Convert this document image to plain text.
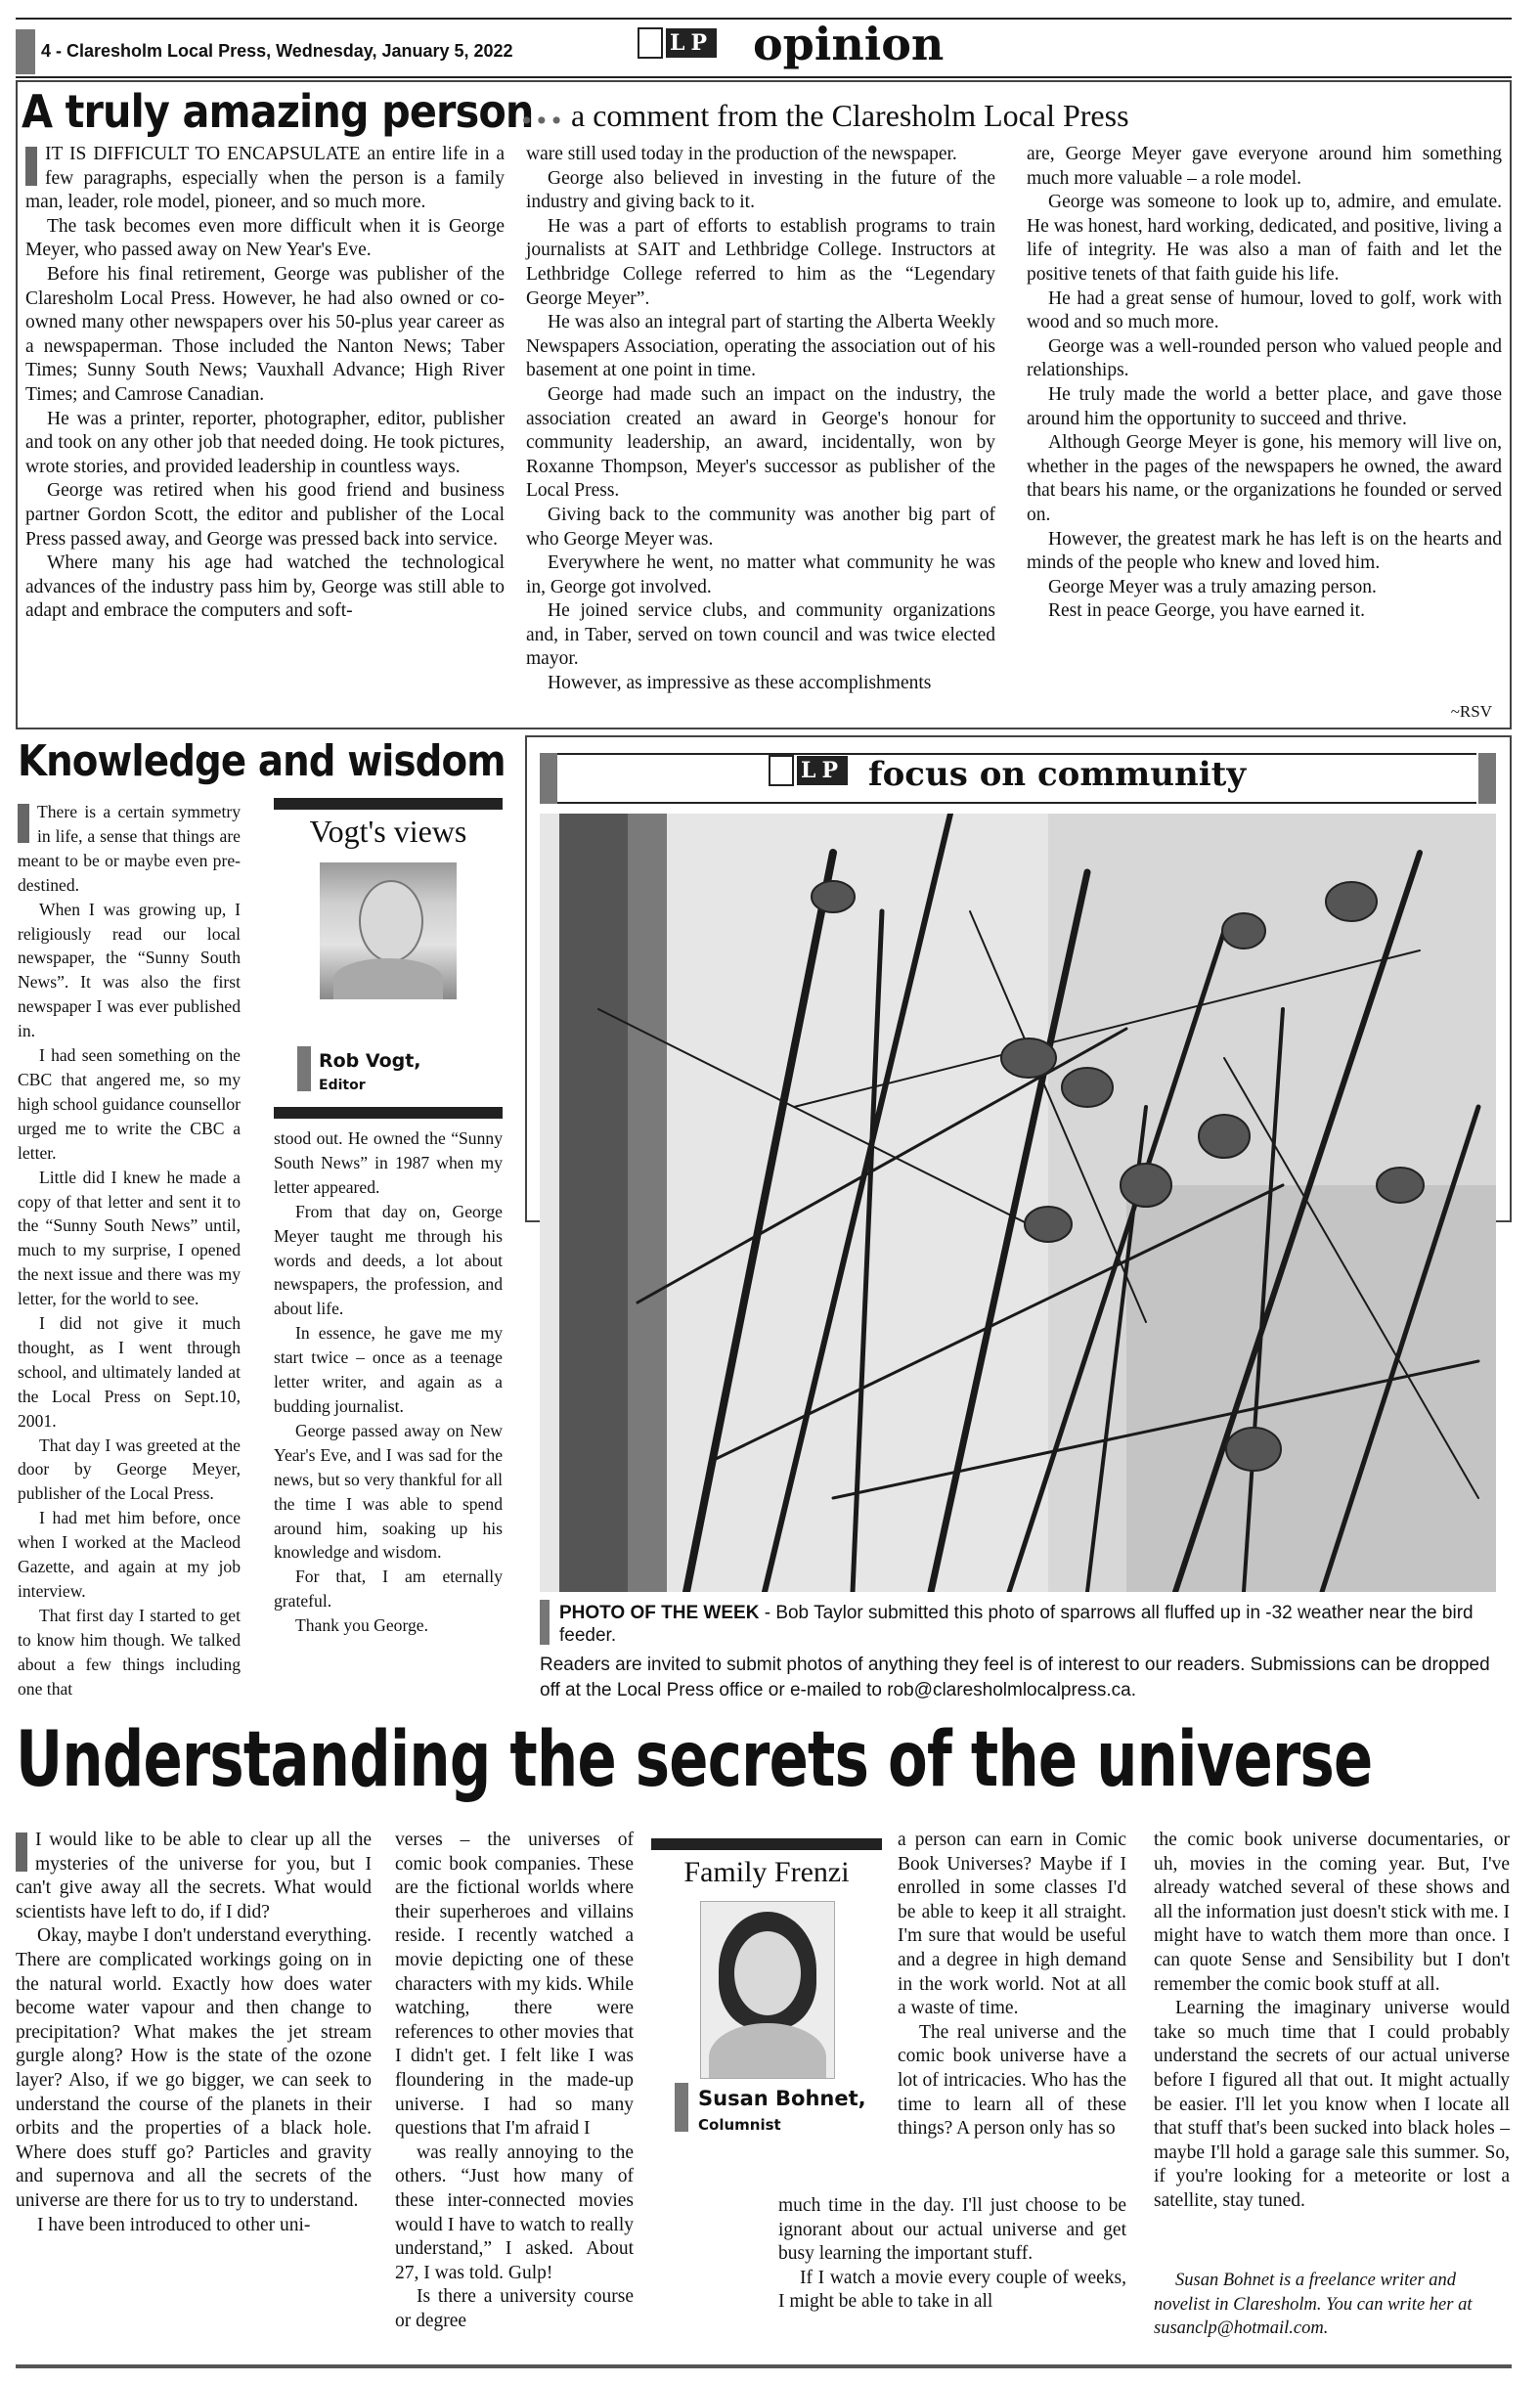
4 - Claresholm Local Press, Wednesday, January 5, 2022	LP opinion
A truly amazing person
... a comment from the Claresholm Local Press

IT IS DIFFICULT TO ENCAPSULATE an entire life in a few paragraphs, especially when the person is a family man, leader, role model, pioneer, and so much more.

The task becomes even more difficult when it is George Meyer, who passed away on New Year's Eve.

Before his final retirement, George was publisher of the Claresholm Local Press. However, he had also owned or co-owned many other newspapers over his 50-plus year career as a newspaperman. Those included the Nanton News; Taber Times; Sunny South News; Vauxhall Advance; High River Times; and Camrose Canadian.

He was a printer, reporter, photographer, editor, publisher and took on any other job that needed doing. He took pictures, wrote stories, and provided leadership in countless ways.

George was retired when his good friend and business partner Gordon Scott, the editor and publisher of the Local Press passed away, and George was pressed back into service.

Where many his age had watched the technological advances of the industry pass him by, George was still able to adapt and embrace the computers and soft-

ware still used today in the production of the newspaper.

George also believed in investing in the future of the industry and giving back to it.

He was a part of efforts to establish programs to train journalists at SAIT and Lethbridge College. Instructors at Lethbridge College referred to him as the “Legendary George Meyer”.

He was also an integral part of starting the Alberta Weekly Newspapers Association, operating the association out of his basement at one point in time.

George had made such an impact on the industry, the association created an award in George's honour for community leadership, an award, incidentally, won by Roxanne Thompson, Meyer's successor as publisher of the Local Press.

Giving back to the community was another big part of who George Meyer was.

Everywhere he went, no matter what community he was in, George got involved.

He joined service clubs, and community organizations and, in Taber, served on town council and was twice elected mayor.

However, as impressive as these accomplishments

are, George Meyer gave everyone around him something much more valuable – a role model.

George was someone to look up to, admire, and emulate. He was honest, hard working, dedicated, and positive, living a life of integrity. He was also a man of faith and let the positive tenets of that faith guide his life.

He had a great sense of humour, loved to golf, work with wood and so much more.

George was a well-rounded person who valued people and relationships.

He truly made the world a better place, and gave those around him the opportunity to succeed and thrive.

Although George Meyer is gone, his memory will live on, whether in the pages of the newspapers he owned, the award that bears his name, or the organizations he founded or served on.

However, the greatest mark he has left is on the hearts and minds of the people who knew and loved him.

George Meyer was a truly amazing person.

Rest in peace George, you have earned it.

~RSV
Knowledge and wisdom

There is a certain symmetry in life, a sense that things are meant to be or maybe even pre-destined.

When I was growing up, I religiously read our local newspaper, the “Sunny South News”. It was also the first newspaper I was ever published in.

I had seen something on the CBC that angered me, so my high school guidance counsellor urged me to write the CBC a letter.

Little did I knew he made a copy of that letter and sent it to the “Sunny South News” until, much to my surprise, I opened the next issue and there was my letter, for the world to see.

I did not give it much thought, as I went through school, and ultimately landed at the Local Press on Sept.10, 2001.

That day I was greeted at the door by George Meyer, publisher of the Local Press.

I had met him before, once when I worked at the Macleod Gazette, and again at my job interview.

That first day I started to get to know him though. We talked about a few things including one that

Vogt's views
Rob Vogt,
Editor

stood out. He owned the “Sunny South News” in 1987 when my letter appeared.

From that day on, George Meyer taught me through his words and deeds, a lot about newspapers, the profession, and about life.

In essence, he gave me my start twice – once as a teenage letter writer, and again as a budding journalist.

George passed away on New Year's Eve, and I was sad for the news, but so very thankful for all the time I was able to spend around him, soaking up his knowledge and wisdom.

For that, I am eternally grateful.

Thank you George.

LP focus on community
PHOTO OF THE WEEK - Bob Taylor submitted this photo of sparrows all fluffed up in -32 weather near the bird feeder.
Readers are invited to submit photos of anything they feel is of interest to our readers. Submissions can be dropped off at the Local Press office or e-mailed to rob@claresholmlocalpress.ca.
Understanding the secrets of the universe

I would like to be able to clear up all the mysteries of the universe for you, but I can't give away all the secrets. What would scientists have left to do, if I did?

Okay, maybe I don't understand everything. There are complicated workings going on in the natural world. Exactly how does water become water vapour and then change to precipitation? What makes the jet stream gurgle along? How is the state of the ozone layer? Also, if we go bigger, we can seek to understand the course of the planets in their orbits and the properties of a black hole. Where does stuff go? Particles and gravity and supernova and all the secrets of the universe are there for us to try to understand.

I have been introduced to other uni-

verses – the universes of comic book companies. These are the fictional worlds where their superheroes and villains reside. I recently watched a movie depicting one of these characters with my kids. While watching, there were references to other movies that I didn't get. I felt like I was floundering in the made-up universe. I had so many questions that I'm afraid I

was really annoying to the others. “Just how many of these inter-connected movies would I have to watch to really understand,” I asked. About 27, I was told. Gulp!

Is there a university course or degree

Family Frenzi
Susan Bohnet,
Columnist

a person can earn in Comic Book Universes? Maybe if I enrolled in some classes I'd be able to keep it all straight. I'm sure that would be useful and a degree in high demand in the work world. Not at all a waste of time.

The real universe and the comic book universe have a lot of intricacies. Who has the time to learn all of these things? A person only has so

much time in the day. I'll just choose to be ignorant about our actual universe and get busy learning the important stuff.

If I watch a movie every couple of weeks, I might be able to take in all

the comic book universe documentaries, or uh, movies in the coming year. But, I've already watched several of these shows and all the information just doesn't stick with me. I might have to watch them more than once. I can quote Sense and Sensibility but I don't remember the comic book stuff at all.

Learning the imaginary universe would take so much time that I could probably understand the secrets of our actual universe before I figured all that out. It might actually be easier. I'll let you know when I locate all that stuff that's been sucked into black holes – maybe I'll hold a garage sale this summer. So, if you're looking for a meteorite or lost a satellite, stay tuned.

Susan Bohnet is a freelance writer and novelist in Claresholm. You can write her at susanclp@hotmail.com.
